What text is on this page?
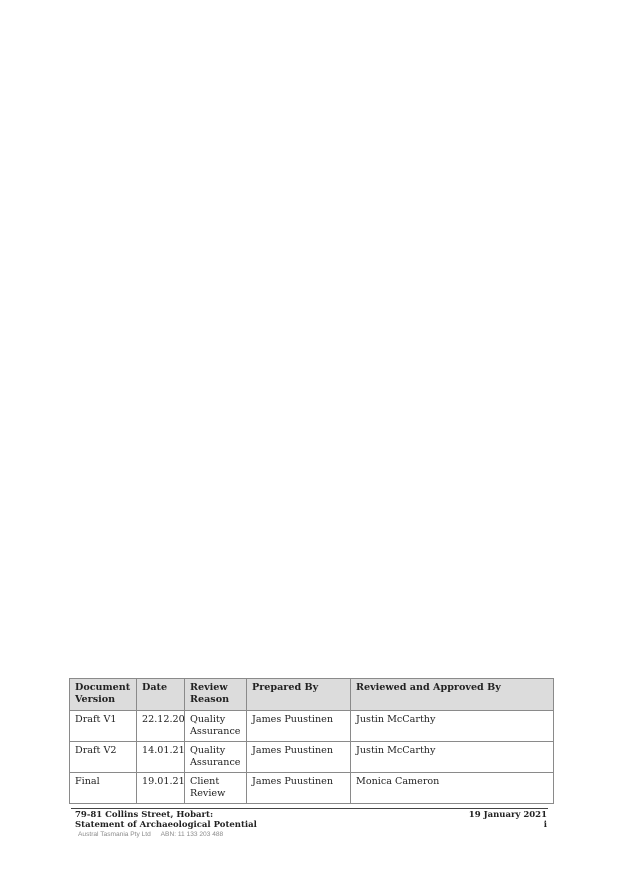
Document Version	Date	Review Reason	Prepared By	Reviewed and Approved By
Draft V1	22.12.20	Quality Assurance	James Puustinen	Justin McCarthy
Draft V2	14.01.21	Quality Assurance	James Puustinen	Justin McCarthy
Final	19.01.21	Client Review	James Puustinen	Monica Cameron
79-81 Collins Street, Hobart:
Statement of Archaeological Potential
19 January 2021
i
Austral Tasmania Pty Ltd ABN: 11 133 203 488
